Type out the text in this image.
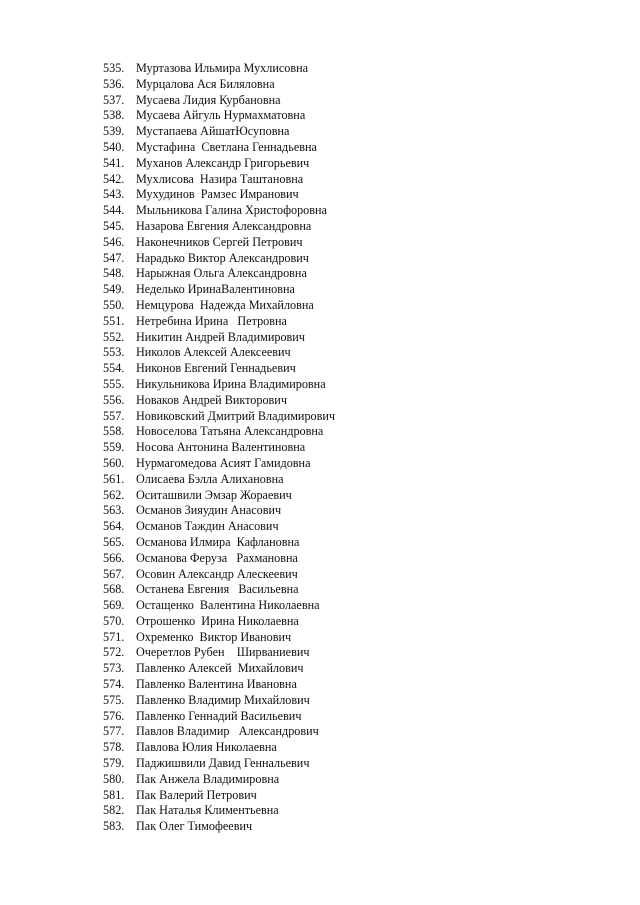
535. Муртазова Ильмира Мухлисовна
536. Мурцалова Ася Биляловна
537. Мусаева Лидия Курбановна
538. Мусаева Айгуль Нурмахматовна
539. Мустапаева АйшатЮсуповна
540. Мустафина  Светлана Геннадьевна
541. Муханов Александр Григорьевич
542. Мухлисова  Назира Таштановна
543. Мухудинов  Рамзес Имранович
544. Мыльникова Галина Христофоровна
545. Назарова Евгения Александровна
546. Наконечников Сергей Петрович
547. Нарадько Виктор Александрович
548. Нарыжная Ольга Александровна
549. Неделько ИринаВалентиновна
550. Немцурова  Надежда Михайловна
551. Нетребина Ирина   Петровна
552. Никитин Андрей Владимирович
553. Николов Алексей Алексеевич
554. Никонов Евгений Геннадьевич
555. Никульникова Ирина Владимировна
556. Новаков Андрей Викторович
557. Новиковский Дмитрий Владимирович
558. Новоселова Татьяна Александровна
559. Носова Антонина Валентиновна
560. Нурмагомедова Асият Гамидовна
561. Олисаева Бэлла Алихановна
562. Оситашвили Эмзар Жораевич
563. Османов Зияудин Анасович
564. Османов Таждин Анасович
565. Османова Илмира  Кафлановна
566. Османова Феруза   Рахмановна
567. Осовин Александр Алескеевич
568. Останева Евгения   Васильевна
569. Остащенко  Валентина Николаевна
570. Отрошенко  Ирина Николаевна
571. Охременко  Виктор Иванович
572. Очеретлов Рубен    Ширваниевич
573. Павленко Алексей  Михайлович
574. Павленко Валентина Ивановна
575. Павленко Владимир Михайлович
576. Павленко Геннадий Васильевич
577. Павлов Владимир   Александрович
578. Павлова Юлия Николаевна
579. Паджишвили Давид Геннальевич
580. Пак Анжела Владимировна
581. Пак Валерий Петрович
582. Пак Наталья Климентьевна
583. Пак Олег Тимофеевич
